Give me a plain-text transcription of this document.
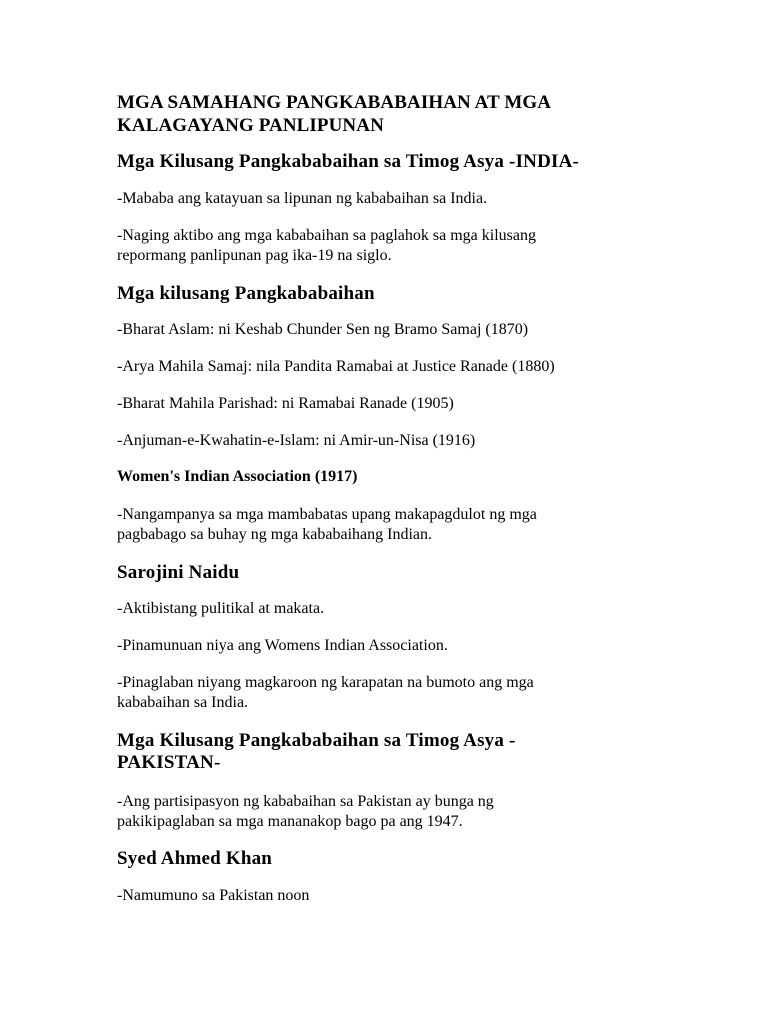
MGA SAMAHANG PANGKABABAIHAN AT MGA KALAGAYANG PANLIPUNAN
Mga Kilusang Pangkababaihan sa Timog Asya -INDIA-

-Mababa ang katayuan sa lipunan ng kababaihan sa India.

-Naging aktibo ang mga kababaihan sa paglahok sa mga kilusang repormang panlipunan pag ika-19 na siglo.

Mga kilusang Pangkababaihan

-Bharat Aslam: ni Keshab Chunder Sen ng Bramo Samaj (1870)

-Arya Mahila Samaj: nila Pandita Ramabai at Justice Ranade (1880)

-Bharat Mahila Parishad: ni Ramabai Ranade (1905)

-Anjuman-e-Kwahatin-e-Islam: ni Amir-un-Nisa (1916)

Women's Indian Association (1917)

-Nangampanya sa mga mambabatas upang makapagdulot ng mga pagbabago sa buhay ng mga kababaihang Indian.

Sarojini Naidu

-Aktibistang pulitikal at makata.

-Pinamunuan niya ang Womens Indian Association.

-Pinaglaban niyang magkaroon ng karapatan na bumoto ang mga kababaihan sa India.

Mga Kilusang Pangkababaihan sa Timog Asya -PAKISTAN-

-Ang partisipasyon ng kababaihan sa Pakistan ay bunga ng pakikipaglaban sa mga mananakop bago pa ang 1947.

Syed Ahmed Khan

-Namumuno sa Pakistan noon
